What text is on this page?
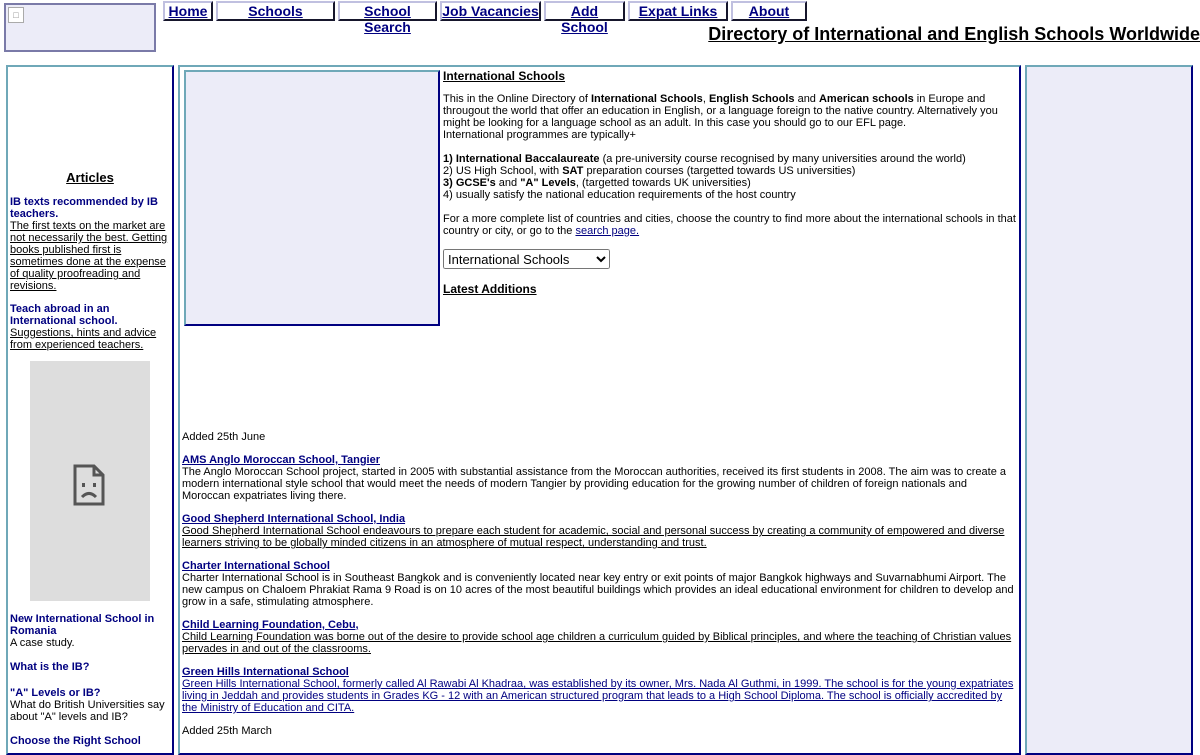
□	Home	Schools	School Search
Job Vacancies	Add School
Expat Links	About
Directory of International and English Schools Worldwide
Articles
IB texts recommended by IB teachers.
The first texts on the market are not necessarily the best. Getting books published first is sometimes done at the expense of quality proofreading and revisions.
Teach abroad in an International school.
Suggestions, hints and advice from experienced teachers.
New International School in Romania
A case study.
What is the IB?
"A" Levels or IB?
What do British Universities say about "A" levels and IB?
Choose the Right School
International Schools

This in the Online Directory of International Schools, English Schools and American schools in Europe and througout the world that offer an education in English, or a language foreign to the native country. Alternatively you might be looking for a language school as an adult. In this case you should go to our EFL page.
International programmes are typically+

1) International Baccalaureate (a pre-university course recognised by many universities around the world)
2) US High School, with SAT preparation courses (targetted towards US universities)
3) GCSE's and "A" Levels, (targetted towards UK universities)
4) usually satisfy the national education requirements of the host country

For a more complete list of countries and cities, choose the country to find more about the international schools in that country or city, or go to the search page.

International Schools
Latest Additions
Added 25th June
AMS Anglo Moroccan School, Tangier
The Anglo Moroccan School project, started in 2005 with substantial assistance from the Moroccan authorities, received its first students in 2008. The aim was to create a modern international style school that would meet the needs of modern Tangier by providing education for the growing number of children of foreign nationals and Moroccan expatriates living there.
Good Shepherd International School, India
Good Shepherd International School endeavours to prepare each student for academic, social and personal success by creating a community of empowered and diverse learners striving to be globally minded citizens in an atmosphere of mutual respect, understanding and trust.
Charter International School
Charter International School is in Southeast Bangkok and is conveniently located near key entry or exit points of major Bangkok highways and Suvarnabhumi Airport. The new campus on Chaloem Phrakiat Rama 9 Road is on 10 acres of the most beautiful buildings which provides an ideal educational environment for children to develop and grow in a safe, stimulating atmosphere.
Child Learning Foundation, Cebu,
Child Learning Foundation was borne out of the desire to provide school age children a curriculum guided by Biblical principles, and where the teaching of Christian values pervades in and out of the classrooms.
Green Hills International School
Green Hills International School, formerly called Al Rawabi Al Khadraa, was established by its owner, Mrs. Nada Al Guthmi, in 1999. The school is for the young expatriates living in Jeddah and provides students in Grades KG - 12 with an American structured program that leads to a High School Diploma. The school is officially accredited by the Ministry of Education and CITA.
Added 25th March
